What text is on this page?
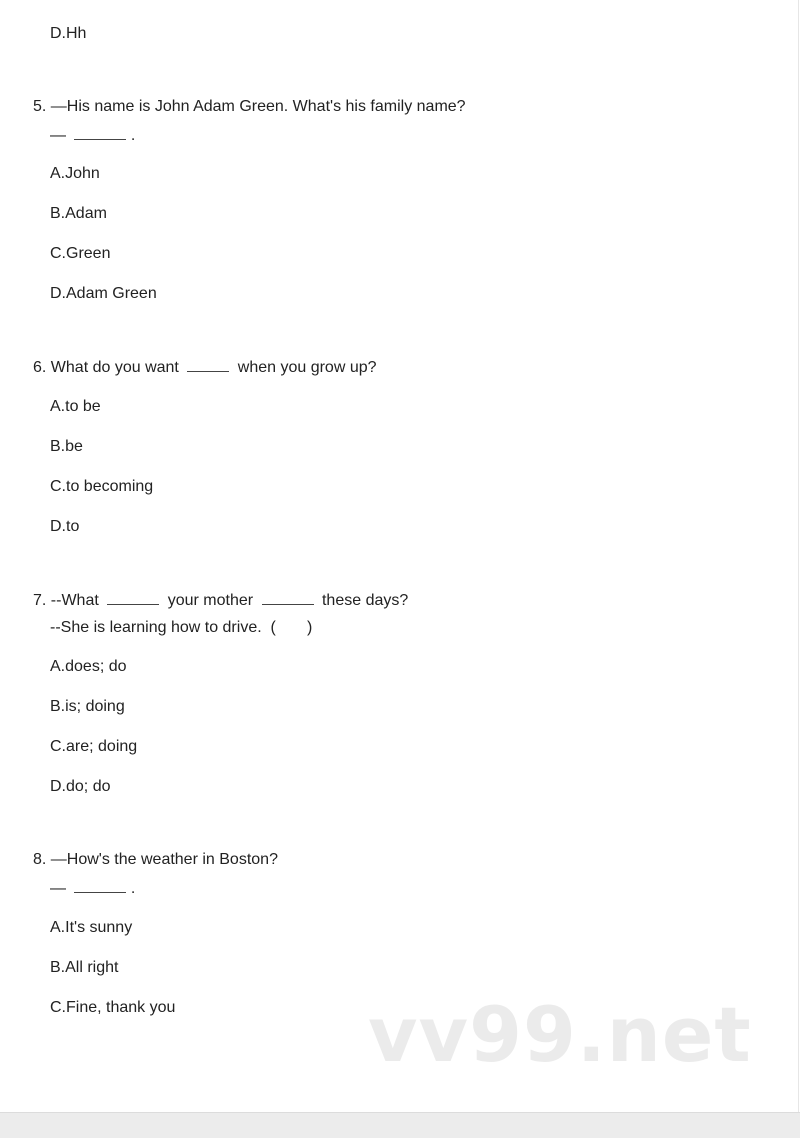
D.Hh
5. —His name is John Adam Green. What's his family name?
—	.
A.John
B.Adam
C.Green
D.Adam Green
6. What do you want	when you grow up?
A.to be
B.be
C.to becoming
D.to
7. --What	your mother	these days?
--She is learning how to drive.  (       )
A.does; do
B.is; doing
C.are; doing
D.do; do
8. —How's the weather in Boston?
—	.
A.It's sunny
B.All right
C.Fine, thank you	vv99.net
